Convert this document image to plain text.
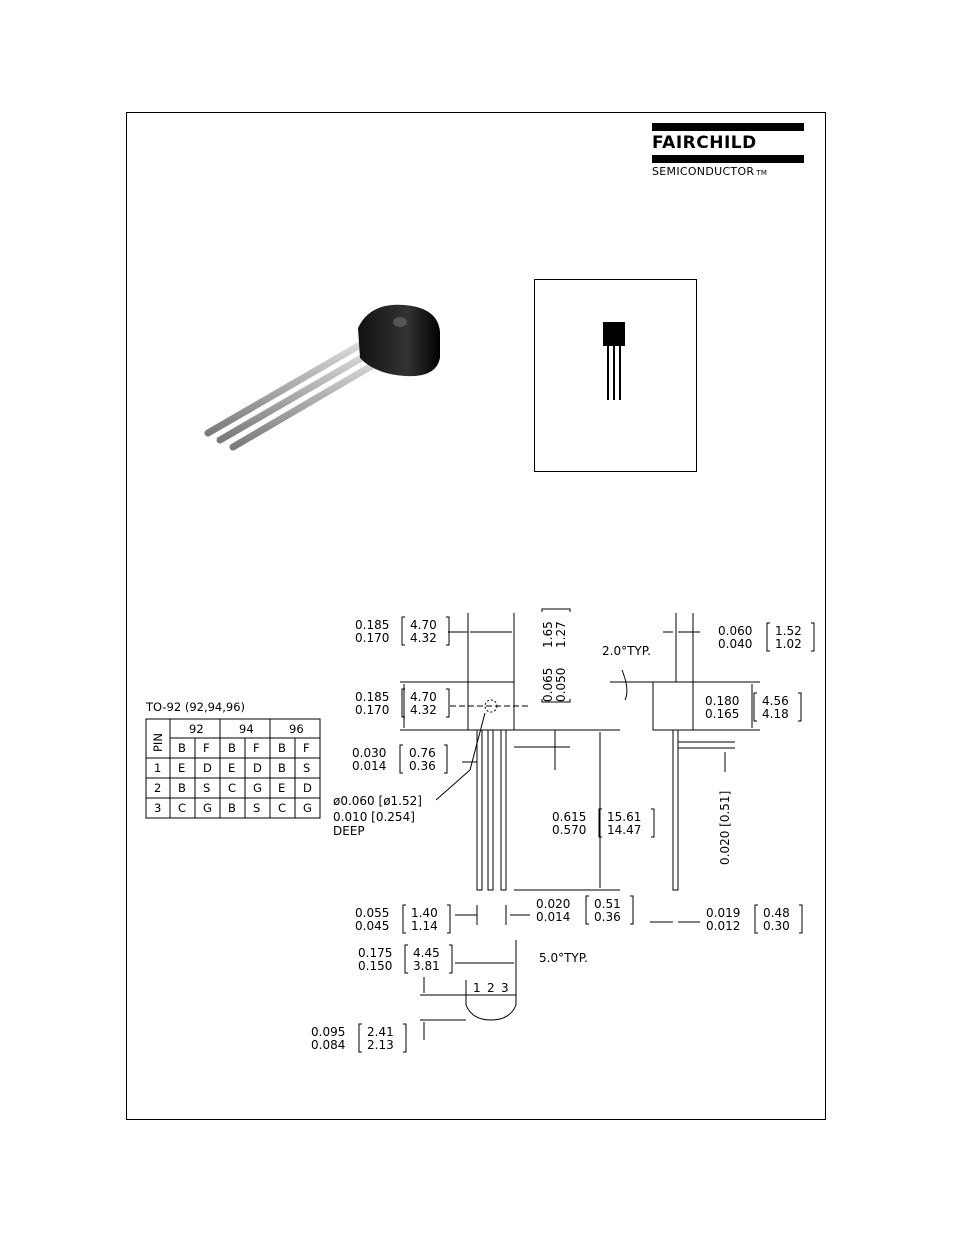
FAIRCHILD
SEMICONDUCTOR TM
TO-92 (92,94,96)
PIN
92	94	96
B F B F B F
1 E D E D B S
2 B S C G E D
3 C G B S C G
0.185
0.170
4.70
4.32
0.185
0.170
4.70
4.32
0.065 0.050
1.65 1.27
0.030
0.014
0.76
0.36
ø0.060 [ø1.52]
0.010 [0.254]
DEEP
0.615
0.570
15.61
14.47
0.055
0.045
1.40
1.14
0.020
0.014
0.51
0.36
0.175
0.150
4.45
3.81
0.095
0.084
2.41
2.13
1 2 3
5.0°TYP.
2.0°TYP.
0.060
0.040
1.52
1.02
0.180
0.165
4.56
4.18
0.020 [0.51]
0.019
0.012
0.48
0.30
